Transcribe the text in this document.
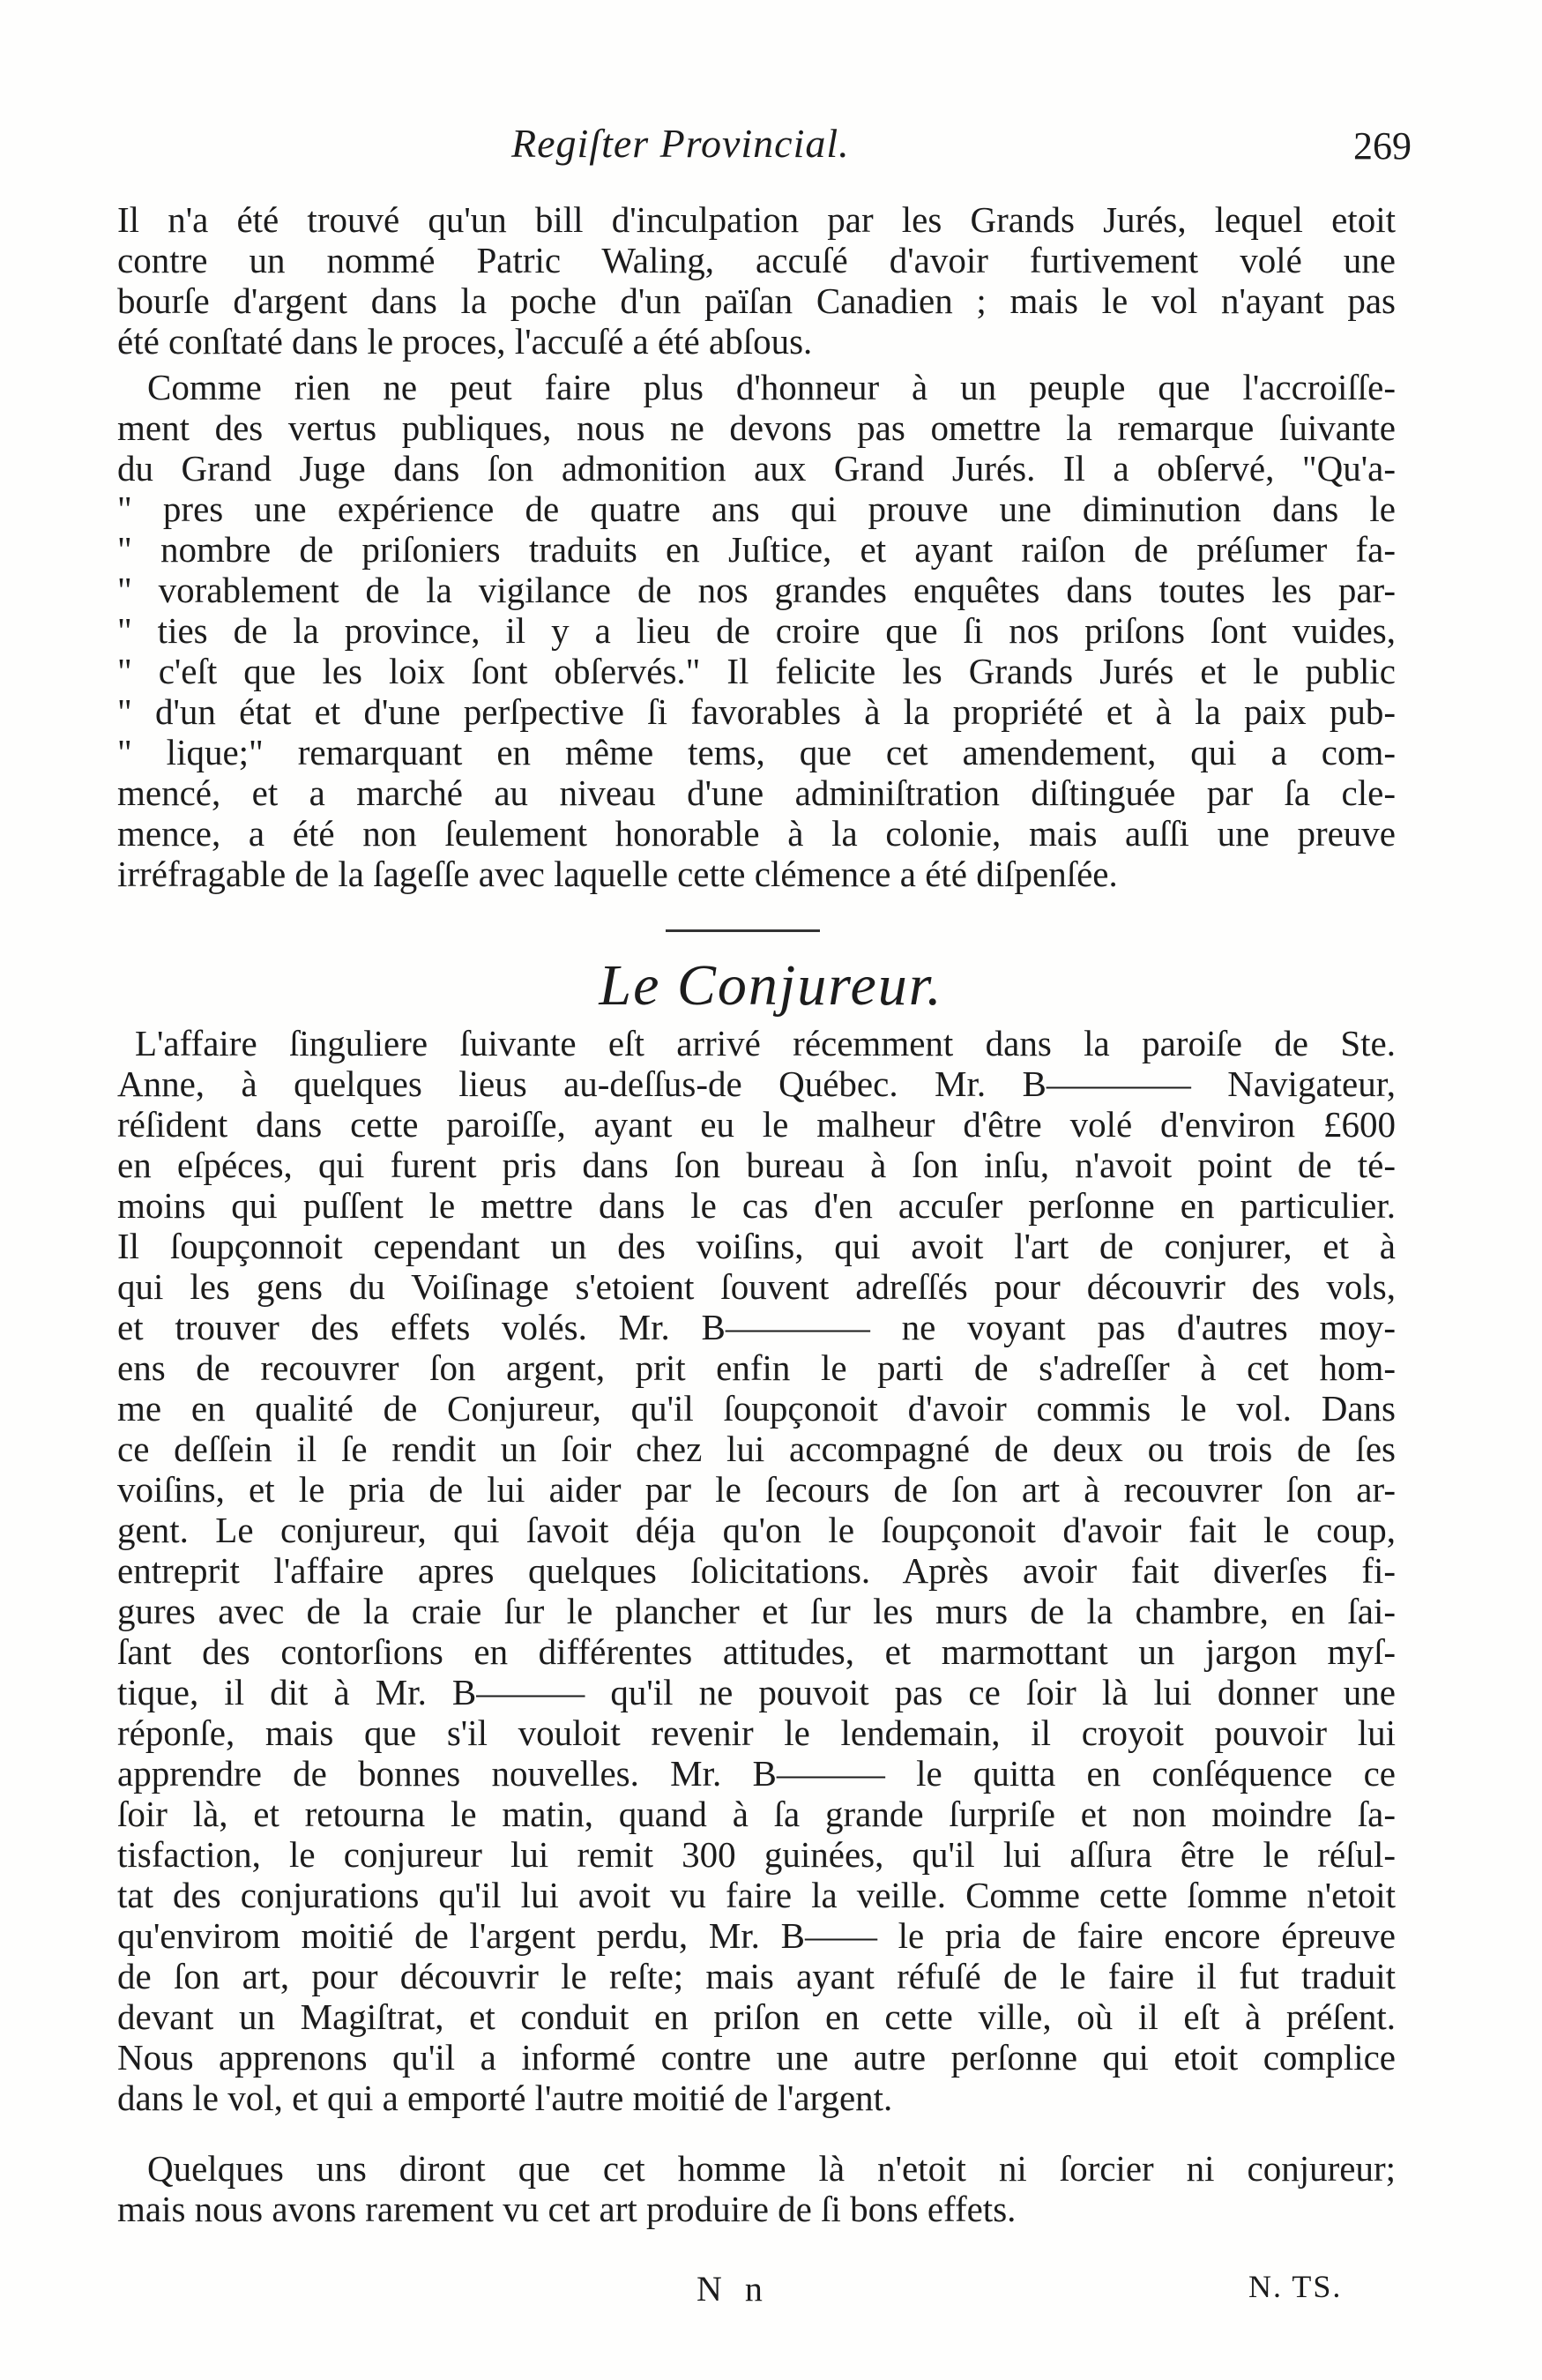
Regiſter Provincial.	269

Il n'a été trouvé qu'un bill d'inculpation par les Grands Jurés, lequel etoit
contre un nommé Patric Waling, accuſé d'avoir furtivement volé une
bourſe d'argent dans la poche d'un païſan Canadien ; mais le vol n'ayant pas
été conſtaté dans le proces, l'accuſé a été abſous.

Comme rien ne peut faire plus d'honneur à un peuple que l'accroiſſe-
ment des vertus publiques, nous ne devons pas omettre la remarque ſuivante
du Grand Juge dans ſon admonition aux Grand Jurés. Il a obſervé, "Qu'a-
" pres une expérience de quatre ans qui prouve une diminution dans le
" nombre de priſoniers traduits en Juſtice, et ayant raiſon de préſumer fa-
" vorablement de la vigilance de nos grandes enquêtes dans toutes les par-
" ties de la province, il y a lieu de croire que ſi nos priſons ſont vuides,
" c'eſt que les loix ſont obſervés." Il felicite les Grands Jurés et le public
" d'un état et d'une perſpective ſi favorables à la propriété et à la paix pub-
" lique;" remarquant en même tems, que cet amendement, qui a com-
mencé, et a marché au niveau d'une adminiſtration diſtinguée par ſa cle-
mence, a été non ſeulement honorable à la colonie, mais auſſi une preuve
irréfragable de la ſageſſe avec laquelle cette clémence a été diſpenſée.

Le Conjureur.

L'affaire ſinguliere ſuivante eſt arrivé récemment dans la paroiſe de Ste.
Anne, à quelques lieus au-deſſus-de Québec. Mr. B———— Navigateur,
réſident dans cette paroiſſe, ayant eu le malheur d'être volé d'environ £600
en eſpéces, qui furent pris dans ſon bureau à ſon inſu, n'avoit point de té-
moins qui puſſent le mettre dans le cas d'en accuſer perſonne en particulier.
Il ſoupçonnoit cependant un des voiſins, qui avoit l'art de conjurer, et à
qui les gens du Voiſinage s'etoient ſouvent adreſſés pour découvrir des vols,
et trouver des effets volés. Mr. B———— ne voyant pas d'autres moy-
ens de recouvrer ſon argent, prit enfin le parti de s'adreſſer à cet hom-
me en qualité de Conjureur, qu'il ſoupçonoit d'avoir commis le vol. Dans
ce deſſein il ſe rendit un ſoir chez lui accompagné de deux ou trois de ſes
voiſins, et le pria de lui aider par le ſecours de ſon art à recouvrer ſon ar-
gent. Le conjureur, qui ſavoit déja qu'on le ſoupçonoit d'avoir fait le coup,
entreprit l'affaire apres quelques ſolicitations. Après avoir fait diverſes fi-
gures avec de la craie ſur le plancher et ſur les murs de la chambre, en ſai-
ſant des contorſions en différentes attitudes, et marmottant un jargon myſ-
tique, il dit à Mr. B——— qu'il ne pouvoit pas ce ſoir là lui donner une
réponſe, mais que s'il vouloit revenir le lendemain, il croyoit pouvoir lui
apprendre de bonnes nouvelles. Mr. B——— le quitta en conſéquence ce
ſoir là, et retourna le matin, quand à ſa grande ſurpriſe et non moindre ſa-
tisfaction, le conjureur lui remit 300 guinées, qu'il lui aſſura être le réſul-
tat des conjurations qu'il lui avoit vu faire la veille. Comme cette ſomme n'etoit
qu'envirom moitié de l'argent perdu, Mr. B—— le pria de faire encore épreuve
de ſon art, pour découvrir le reſte; mais ayant réfuſé de le faire il fut traduit
devant un Magiſtrat, et conduit en priſon en cette ville, où il eſt à préſent.
Nous apprenons qu'il a informé contre une autre perſonne qui etoit complice
dans le vol, et qui a emporté l'autre moitié de l'argent.

Quelques uns diront que cet homme là n'etoit ni ſorcier ni conjureur;
mais nous avons rarement vu cet art produire de ſi bons effets.

N n	N. TS.
